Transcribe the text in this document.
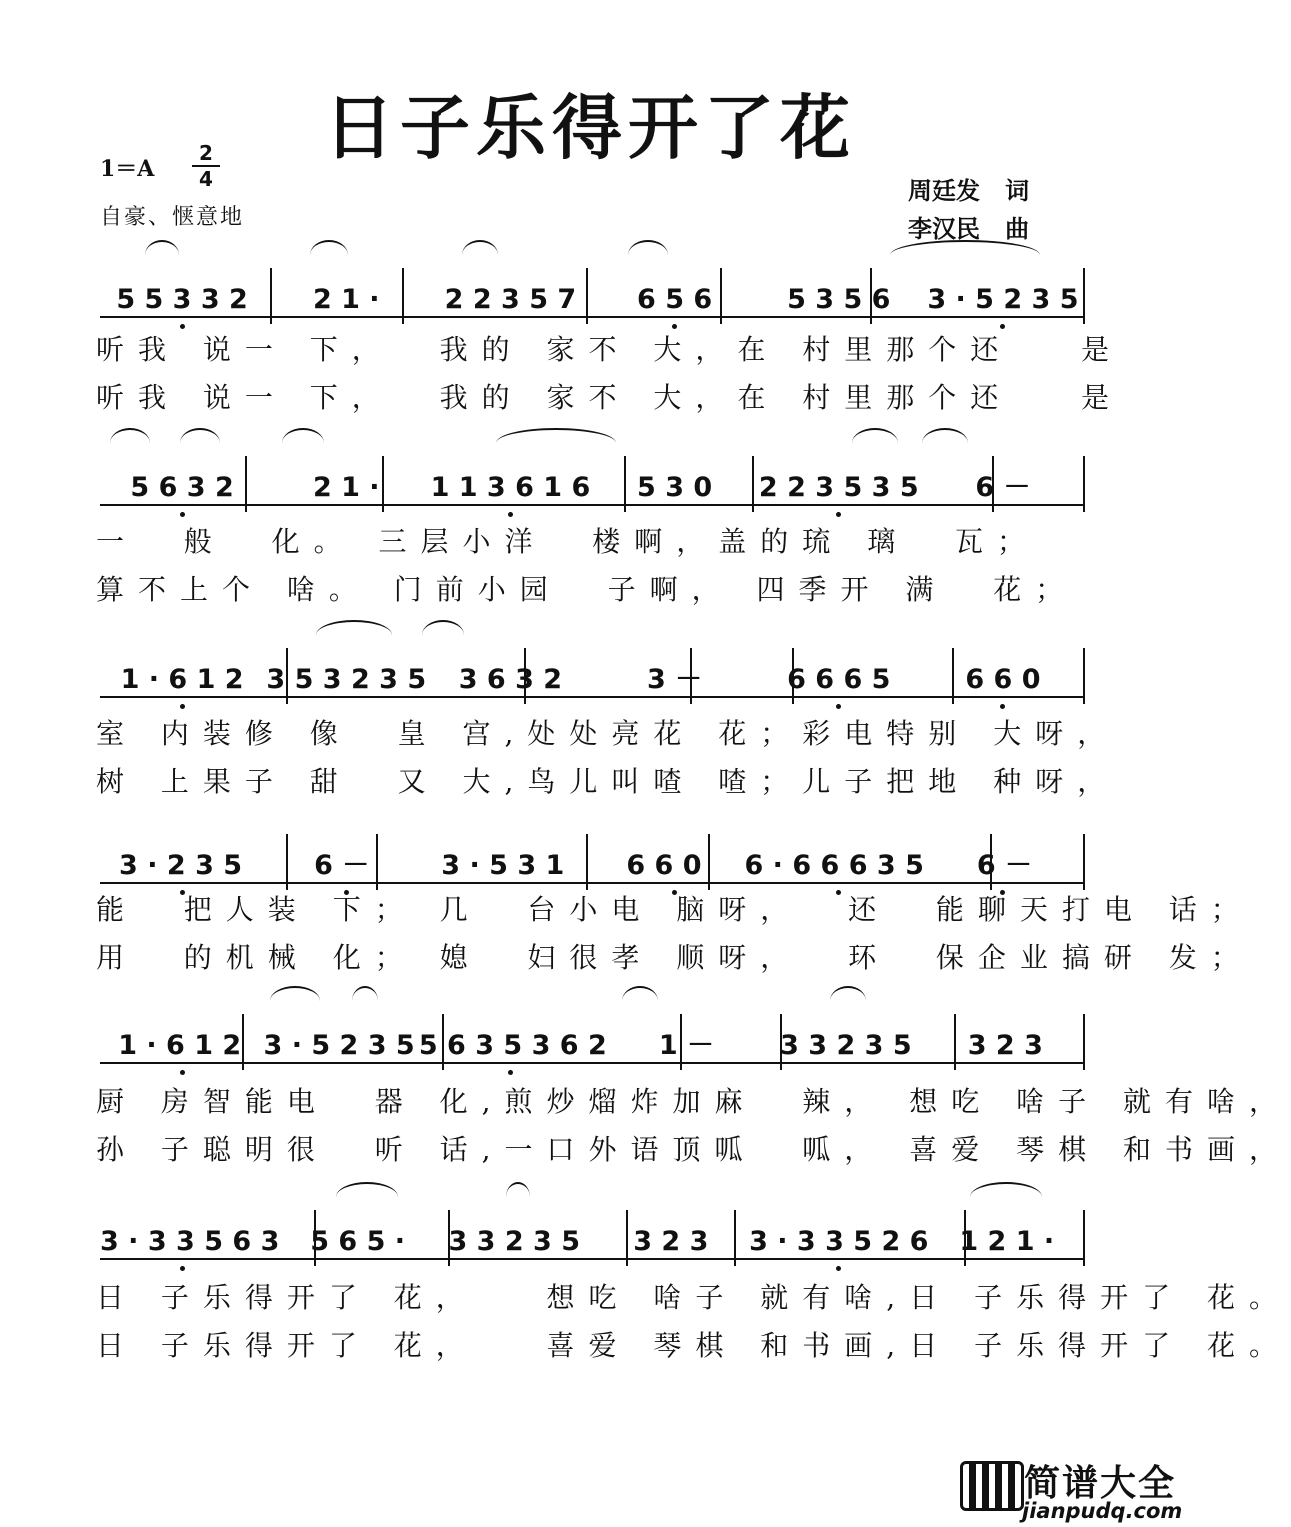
日子乐得开了花
1＝A
2
4
自豪、惬意地
周廷发   词
李汉民   曲
5 5 3 3 2	2 1 ·	2 2 3 5 7	6 5 6	5 3 5 6	3 · 5 2 3 5
听我 说一 下，  我的 家不 大，在 村里那个还   是
听我 说一 下，  我的 家不 大，在 村里那个还   是
5 6 3 2	2 1 ·	1 1 3 6 1 6	5 3 0	2 2 3 5 3 5	6 －
一  般  化。 三层小洋  楼啊，盖的琉 璃  瓦；
算不上个 啥。 门前小园  子啊， 四季开 满  花；
1 · 6 1 2 3 5 3 2 3 5	3 6 3 2	3 －	6 6 6 5	6 6 0
室 内装修 像  皇 宫,处处亮花 花；彩电特别 大呀，
树 上果子 甜  又 大,鸟儿叫喳 喳；儿子把地 种呀，
3 · 2 3 5	6 －	3 · 5 3 1	6 6 0	6 · 6 6 6 3 5	6 －
能  把人装 下； 几  台小电 脑呀，  还  能聊天打电 话；
用  的机械 化； 媳  妇很孝 顺呀，  环  保企业搞研 发；
1 · 6 1 2 3 · 5 2 3 5 5 6 3 5 3 6 2	1 －	3 3 2 3 5	3 2 3
厨 房智能电  器 化,煎炒熘炸加麻  辣， 想吃 啥子 就有啥，
孙 子聪明很  听 话,一口外语顶呱  呱， 喜爱 琴棋 和书画，
3 · 3 3 5 6 3	5 6 5 ·	3 3 2 3 5	3 2 3	3 · 3 3 5 2 6	1 2 1 ·
日 子乐得开了 花，   想吃 啥子 就有啥,日 子乐得开了 花。
日 子乐得开了 花，   喜爱 琴棋 和书画,日 子乐得开了 花。
简谱大全
jianpudq.com
